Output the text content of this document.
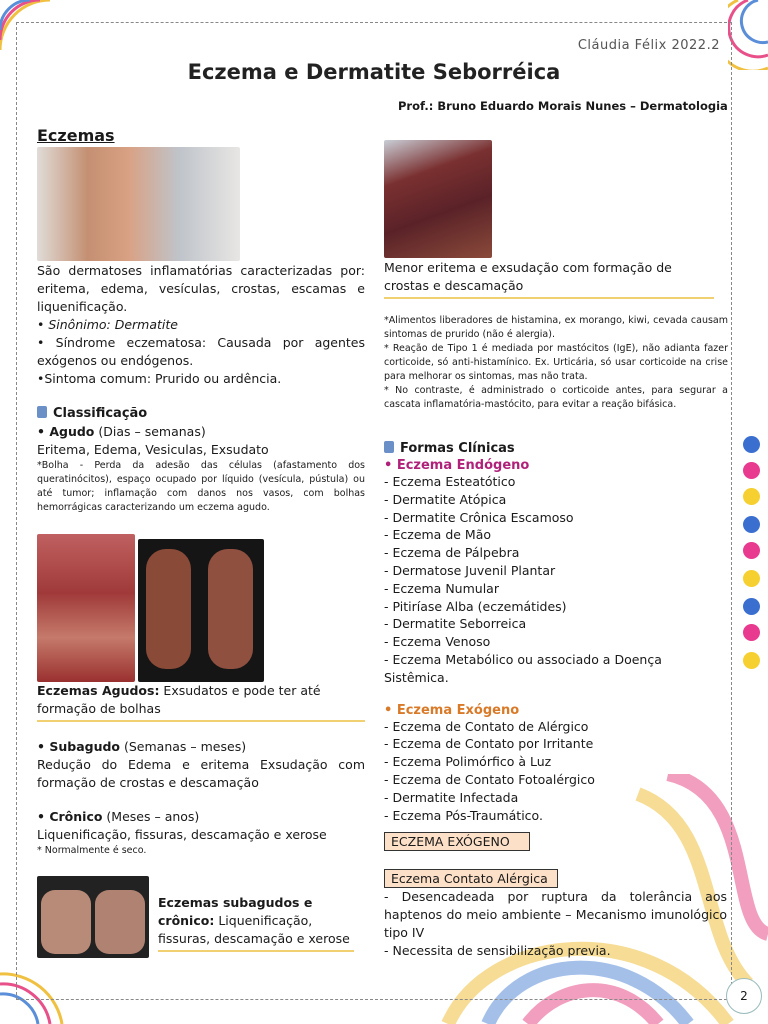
Cláudia Félix 2022.2
Eczema e Dermatite Seborréica
Prof.: Bruno Eduardo Morais Nunes – Dermatologia
Eczemas
São dermatoses inflamatórias caracterizadas por: eritema, edema, vesículas, crostas, escamas e liquenificação.
• Sinônimo: Dermatite
• Síndrome eczematosa: Causada por agentes exógenos ou endógenos.
•Sintoma comum: Prurido ou ardência.
Classificação
• Agudo (Dias – semanas)
Eritema, Edema, Vesiculas, Exsudato
*Bolha - Perda da adesão das células (afastamento dos queratinócitos), espaço ocupado por líquido (vesícula, pústula) ou até tumor; inflamação com danos nos vasos, com bolhas hemorrágicas caracterizando um eczema agudo.
Eczemas Agudos: Exsudatos e pode ter até formação de bolhas
• Subagudo (Semanas – meses)
Redução do Edema e eritema Exsudação com formação de crostas e descamação
• Crônico (Meses – anos)
Liquenificação, fissuras, descamação e xerose
* Normalmente é seco.
Eczemas subagudos e crônico: Liquenificação, fissuras, descamação e xerose
Menor eritema e exsudação com formação de crostas e descamação
*Alimentos liberadores de histamina, ex morango, kiwi, cevada causam sintomas de prurido (não é alergia).
* Reação de Tipo 1 é mediada por mastócitos (IgE), não adianta fazer corticoide, só anti-histamínico. Ex. Urticária, só usar corticoide na crise para melhorar os sintomas, mas não trata.
* No contraste, é administrado o corticoide antes, para segurar a cascata inflamatória-mastócito, para evitar a reação bifásica.
Formas Clínicas
• Eczema Endógeno
- Eczema Esteatótico
- Dermatite Atópica
- Dermatite Crônica Escamoso
- Eczema de Mão
- Eczema de Pálpebra
- Dermatose Juvenil Plantar
- Eczema Numular
- Pitiríase Alba (eczemátides)
- Dermatite Seborreica
- Eczema Venoso
- Eczema Metabólico ou associado a Doença Sistêmica.
• Eczema Exógeno
- Eczema de Contato de Alérgico
- Eczema de Contato por Irritante
- Eczema Polimórfico à Luz
- Eczema de Contato Fotoalérgico
- Dermatite Infectada
- Eczema Pós-Traumático.
ECZEMA EXÓGENO
Eczema Contato Alérgica
- Desencadeada por ruptura da tolerância aos haptenos do meio ambiente – Mecanismo imunológico tipo IV
- Necessita de sensibilização previa.
2
